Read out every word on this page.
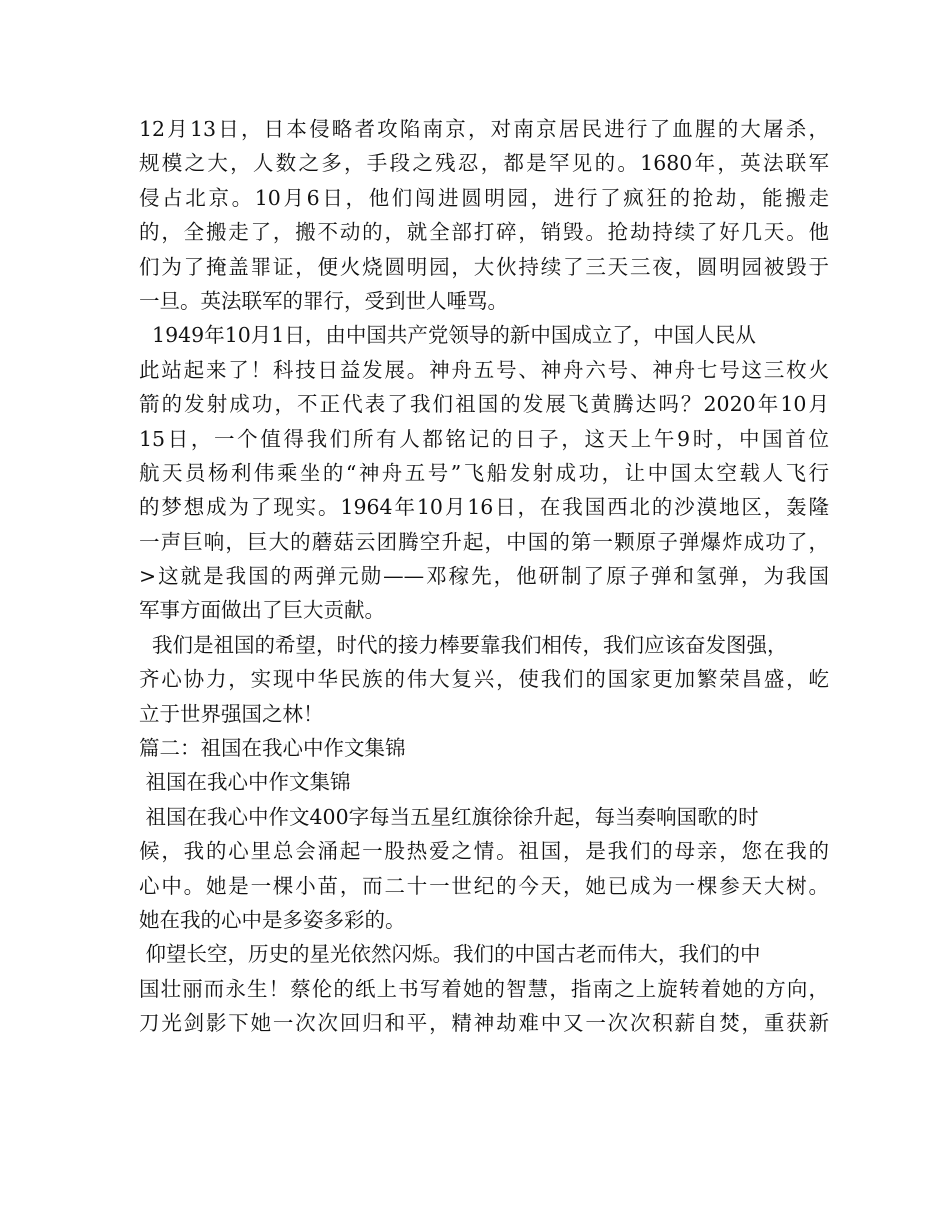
12月13日，日本侵略者攻陷南京，对南京居民进行了血腥的大屠杀，
规模之大，人数之多，手段之残忍，都是罕见的。1680年，英法联军
侵占北京。10月6日，他们闯进圆明园，进行了疯狂的抢劫，能搬走
的，全搬走了，搬不动的，就全部打碎，销毁。抢劫持续了好几天。他
们为了掩盖罪证，便火烧圆明园，大伙持续了三天三夜，圆明园被毁于
一旦。英法联军的罪行，受到世人唾骂。
1949年10月1日，由中国共产党领导的新中国成立了，中国人民从
此站起来了！科技日益发展。神舟五号、神舟六号、神舟七号这三枚火
箭的发射成功，不正代表了我们祖国的发展飞黄腾达吗？2020年10月
15日，一个值得我们所有人都铭记的日子，这天上午9时，中国首位
航天员杨利伟乘坐的“神舟五号”飞船发射成功，让中国太空载人飞行
的梦想成为了现实。1964年10月16日，在我国西北的沙漠地区，轰隆
一声巨响，巨大的蘑菇云团腾空升起，中国的第一颗原子弹爆炸成功了，
>这就是我国的两弹元勋——邓稼先，他研制了原子弹和氢弹，为我国
军事方面做出了巨大贡献。
我们是祖国的希望，时代的接力棒要靠我们相传，我们应该奋发图强，
齐心协力，实现中华民族的伟大复兴，使我们的国家更加繁荣昌盛，屹
立于世界强国之林！
篇二：祖国在我心中作文集锦
祖国在我心中作文集锦
祖国在我心中作文400字每当五星红旗徐徐升起，每当奏响国歌的时
候，我的心里总会涌起一股热爱之情。祖国，是我们的母亲，您在我的
心中。她是一棵小苗，而二十一世纪的今天，她已成为一棵参天大树。
她在我的心中是多姿多彩的。
仰望长空，历史的星光依然闪烁。我们的中国古老而伟大，我们的中
国壮丽而永生！蔡伦的纸上书写着她的智慧，指南之上旋转着她的方向，
刀光剑影下她一次次回归和平，精神劫难中又一次次积薪自焚，重获新
